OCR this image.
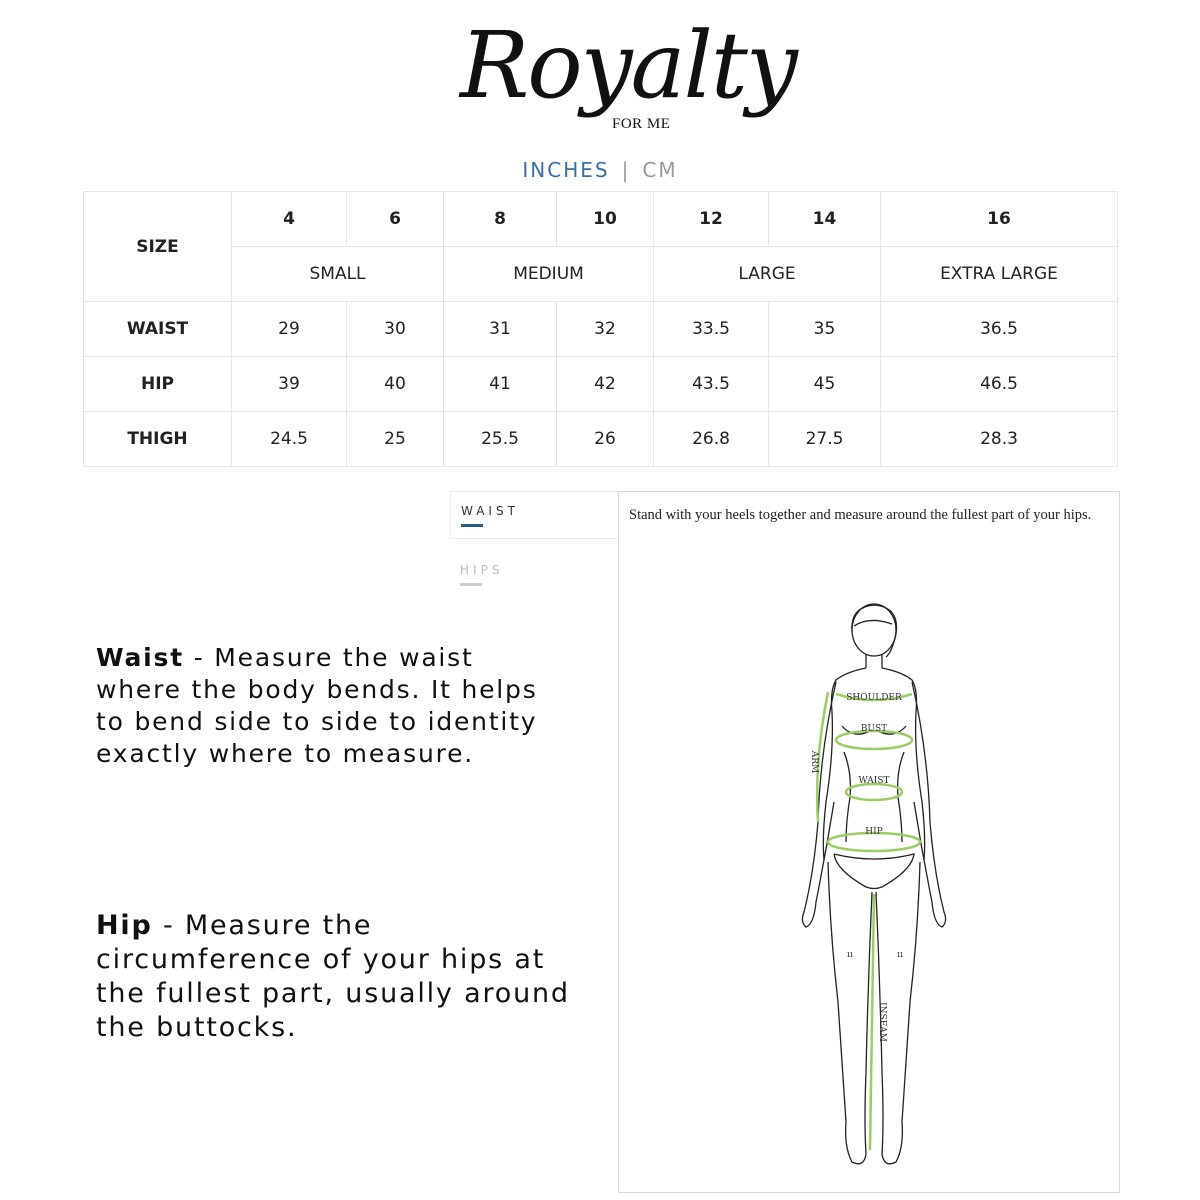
Royalty
FOR ME
INCHES | CM
SIZE	4	6	8	10	12	14	16
	SMALL		MEDIUM		LARGE		EXTRA LARGE
WAIST	29	30	31	32	33.5	35	36.5
HIP	39	40	41	42	43.5	45	46.5
THIGH	24.5	25	25.5	26	26.8	27.5	28.3
WAIST
HIPS
Stand with your heels together and measure around the fullest part of your hips.
SHOULDER
BUST
WAIST
HIP
ARM
INSEAM
ıı	ıı
Waist - Measure the waist where the body bends. It helps to bend side to side to identity exactly where to measure.
Hip - Measure the circumference of your hips at the fullest part, usually around the buttocks.
